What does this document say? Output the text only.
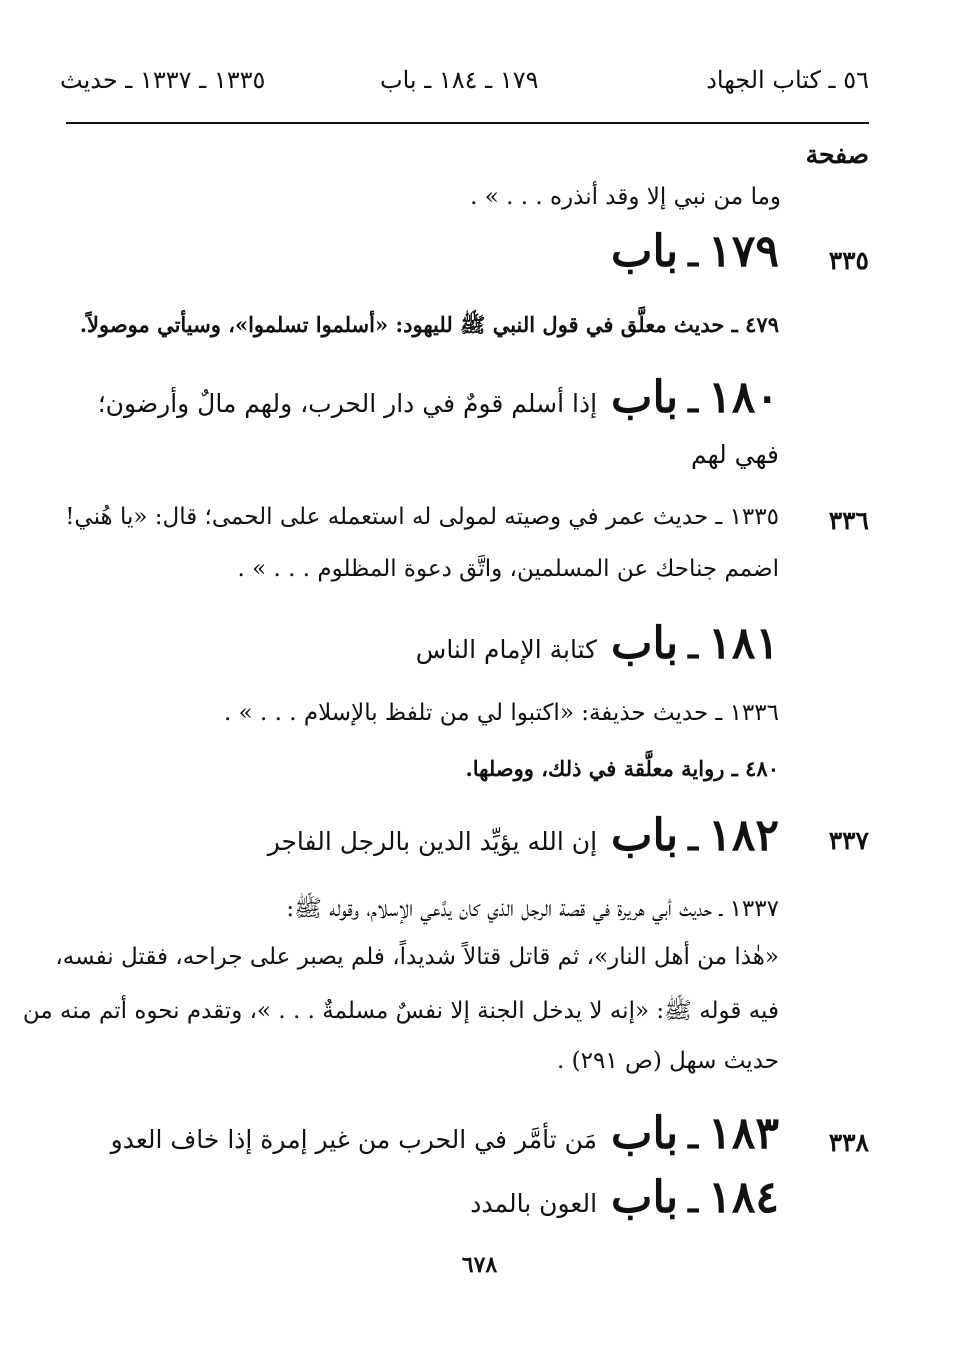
٥٦ ـ كتاب الجهاد
١٧٩ ـ ١٨٤ ـ باب
١٣٣٥ ـ ١٣٣٧ ـ حديث
صفحة
وما من نبي إلا وقد أنذره . . . » .
٣٣٥
١٧٩
ـ
باب
٤٧٩ ـ حديث معلَّق في قول النبي ﷺ لليهود: «أسلموا تسلموا»، وسيأتي موصولاً.
١٨٠
ـ
باب
إذا أسلم قومٌ في دار الحرب، ولهم مالٌ وأرضون؛
فهي لهم
٣٣٦
١٣٣٥ ـ حديث عمر في وصيته لمولى له استعمله على الحمى؛ قال: «يا هُني!
اضمم جناحك عن المسلمين، واتَّق دعوة المظلوم . . . » .
١٨١
ـ
باب
كتابة الإمام الناس
١٣٣٦ ـ حديث حذيفة: «اكتبوا لي من تلفظ بالإسلام . . . » .
٤٨٠ ـ رواية معلَّقة في ذلك، ووصلها.
٣٣٧
١٨٢
ـ
باب
إن الله يؤيِّد الدين بالرجل الفاجر
١٣٣٧ ـ حديث أبي هريرة في قصة الرجل الذي كان يدَّعي الإسلام، وقوله ﷺ:
«هٰذا من أهل النار»، ثم قاتل قتالاً شديداً، فلم يصبر على جراحه، فقتل نفسه،
فيه قوله ﷺ: «إنه لا يدخل الجنة إلا نفسٌ مسلمةٌ . . . »، وتقدم نحوه أتم منه من
حديث سهل (ص ٢٩١) .
٣٣٨
١٨٣
ـ
باب
مَن تأمَّر في الحرب من غير إمرة إذا خاف العدو
١٨٤
ـ
باب
العون بالمدد
٦٧٨
